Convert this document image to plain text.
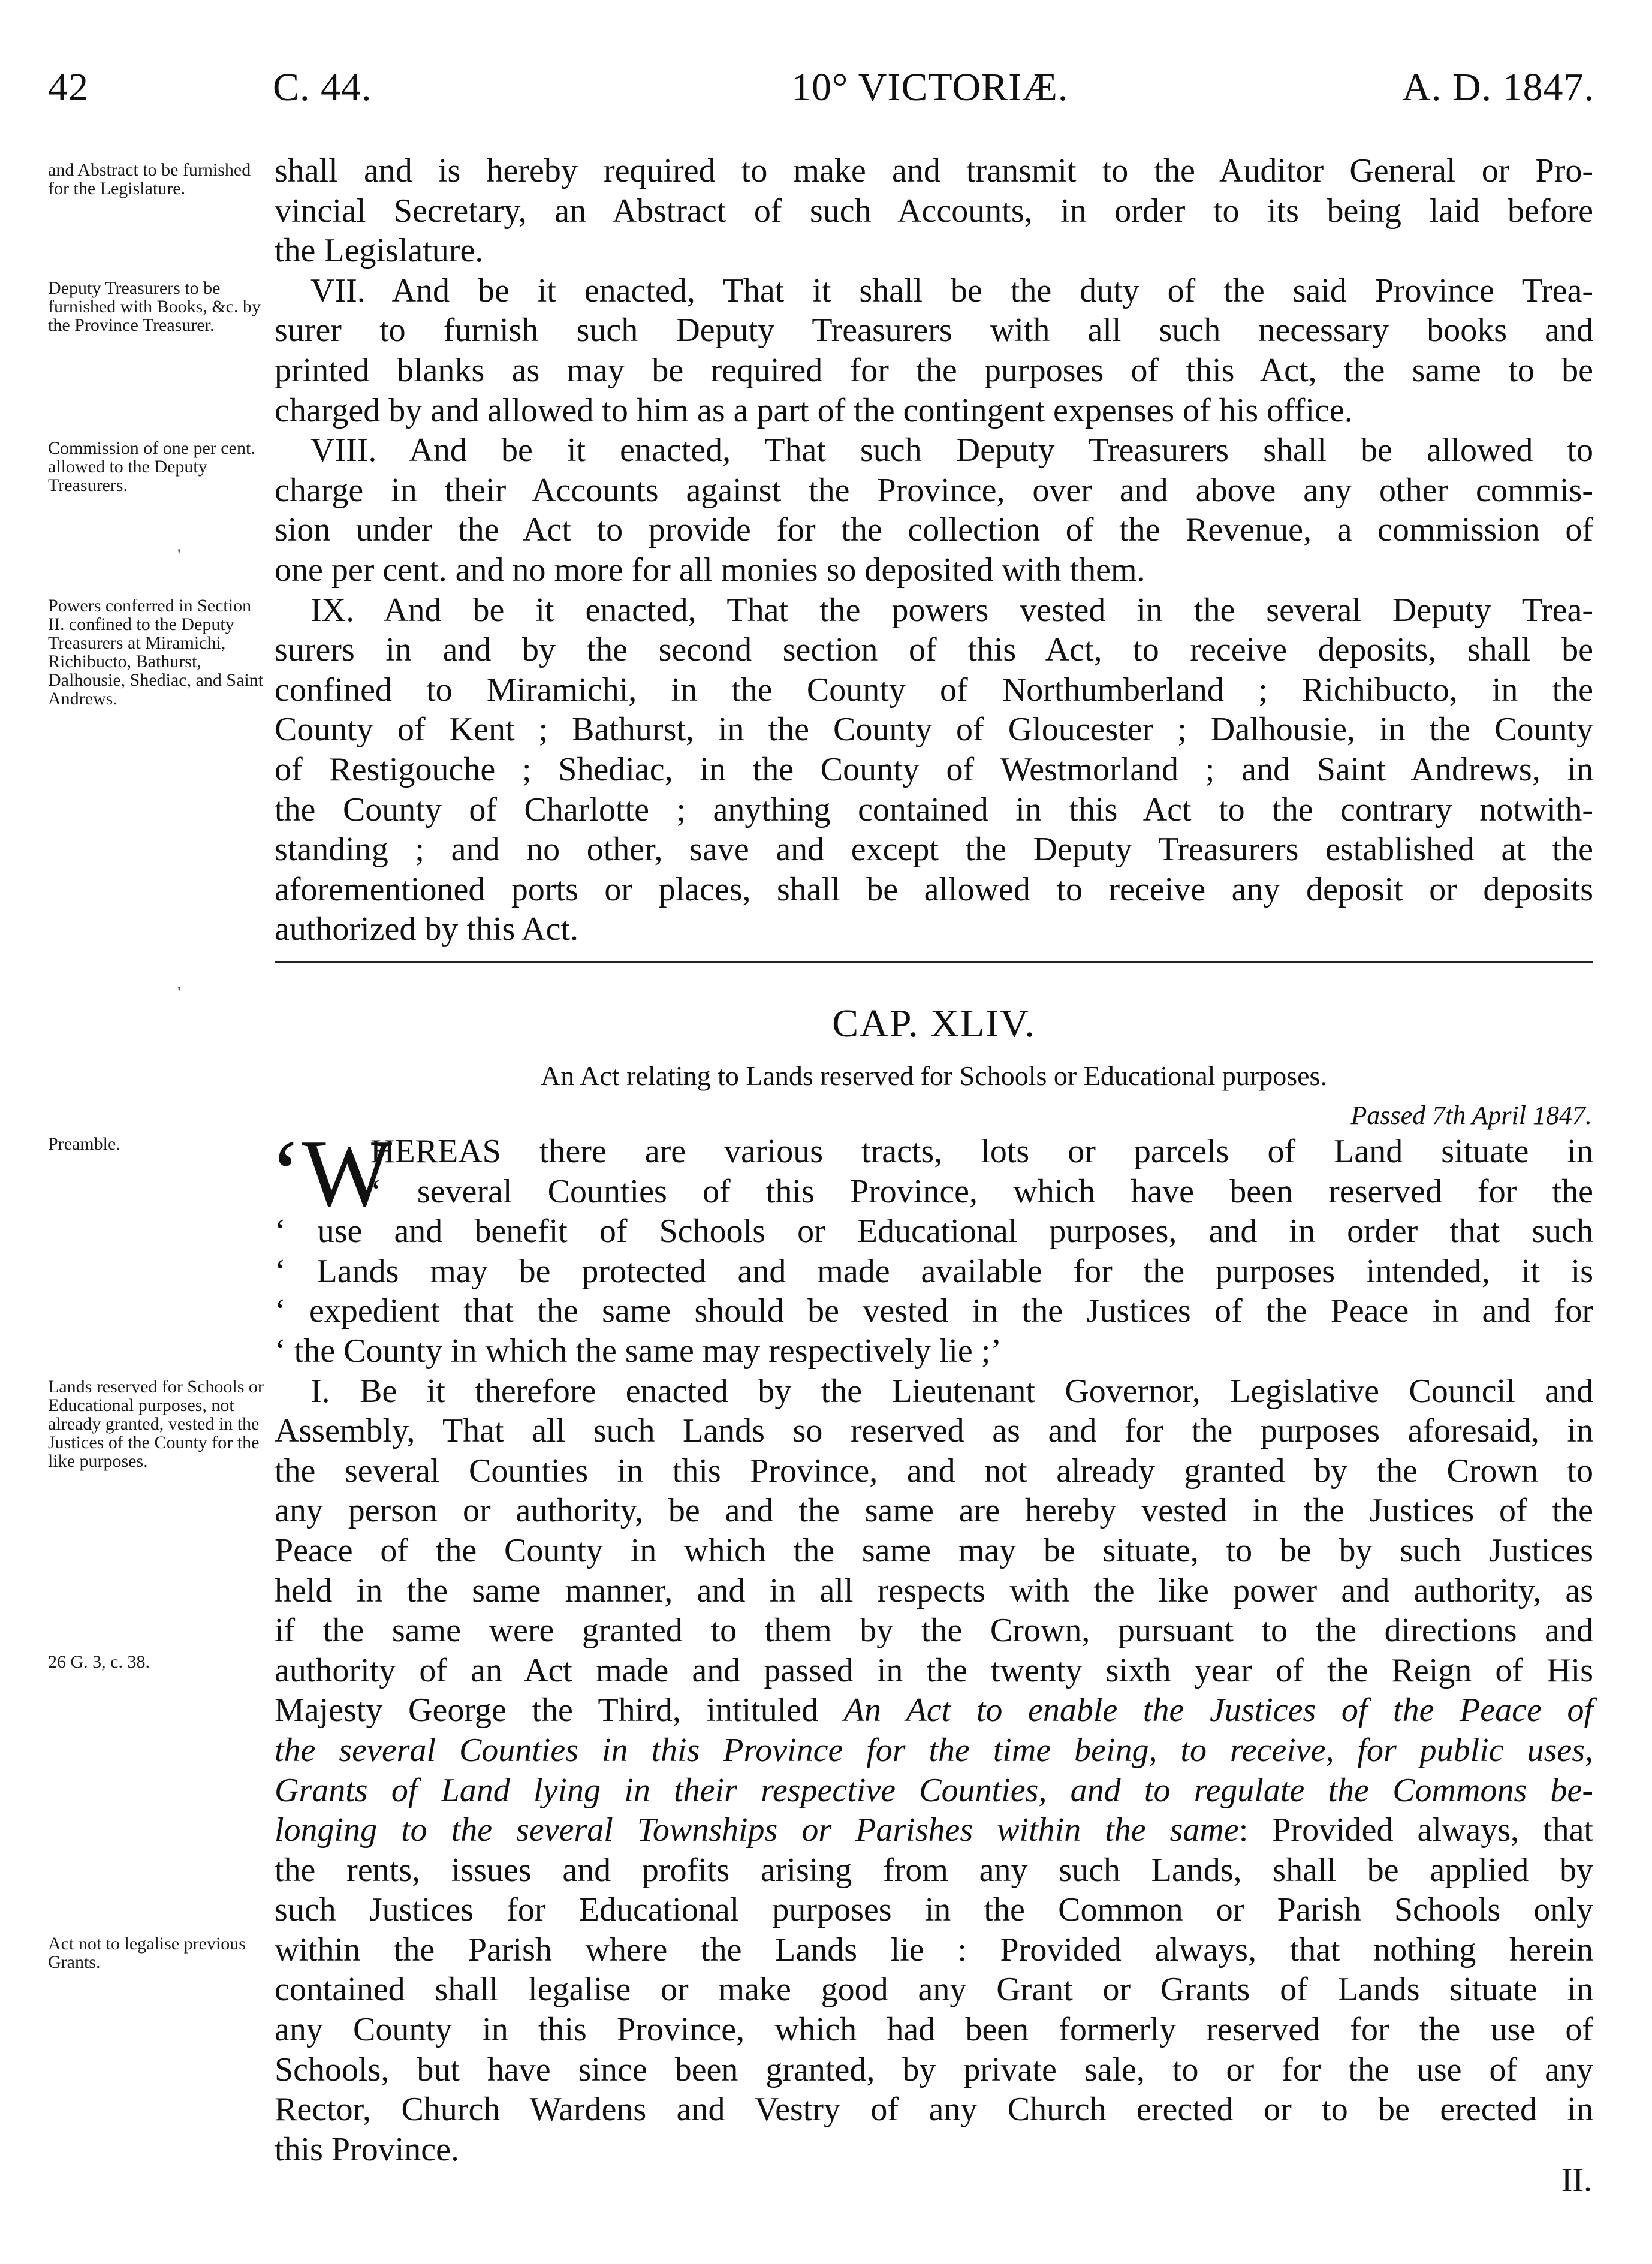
42	C. 44.	10° VICTORIÆ.	A. D. 1847.
and Abstract to be furnished for the Legislature.
Deputy Treasurers to be furnished with Books, &c. by the Province Treasurer.
Commission of one per cent. allowed to the Deputy Treasurers.
Powers conferred in Section II. confined to the Deputy Treasurers at Miramichi, Richibucto, Bathurst, Dalhousie, Shediac, and Saint Andrews.
Preamble.
Lands reserved for Schools or Educational purposes, not already granted, vested in the Justices of the County for the like purposes.
26 G. 3, c. 38.
Act not to legalise previous Grants.
shall and is hereby required to make and transmit to the Auditor General or Pro-
vincial Secretary, an Abstract of such Accounts, in order to its being laid before
the Legislature.
VII. And be it enacted, That it shall be the duty of the said Province Trea-
surer to furnish such Deputy Treasurers with all such necessary books and
printed blanks as may be required for the purposes of this Act, the same to be
charged by and allowed to him as a part of the contingent expenses of his office.
VIII. And be it enacted, That such Deputy Treasurers shall be allowed to
charge in their Accounts against the Province, over and above any other commis-
sion under the Act to provide for the collection of the Revenue, a commission of
one per cent. and no more for all monies so deposited with them.
IX. And be it enacted, That the powers vested in the several Deputy Trea-
surers in and by the second section of this Act, to receive deposits, shall be
confined to Miramichi, in the County of Northumberland ; Richibucto, in the
County of Kent ; Bathurst, in the County of Gloucester ; Dalhousie, in the County
of Restigouche ; Shediac, in the County of Westmorland ; and Saint Andrews, in
the County of Charlotte ; anything contained in this Act to the contrary notwith-
standing ; and no other, save and except the Deputy Treasurers established at the
aforementioned ports or places, shall be allowed to receive any deposit or deposits
authorized by this Act.
CAP. XLIV.
An Act relating to Lands reserved for Schools or Educational purposes.
Passed 7th April 1847.
‘W
HEREAS there are various tracts, lots or parcels of Land situate in
‘ several Counties of this Province, which have been reserved for the
‘ use and benefit of Schools or Educational purposes, and in order that such
‘ Lands may be protected and made available for the purposes intended, it is
‘ expedient that the same should be vested in the Justices of the Peace in and for
‘ the County in which the same may respectively lie ;’
I. Be it therefore enacted by the Lieutenant Governor, Legislative Council and
Assembly, That all such Lands so reserved as and for the purposes aforesaid, in
the several Counties in this Province, and not already granted by the Crown to
any person or authority, be and the same are hereby vested in the Justices of the
Peace of the County in which the same may be situate, to be by such Justices
held in the same manner, and in all respects with the like power and authority, as
if the same were granted to them by the Crown, pursuant to the directions and
authority of an Act made and passed in the twenty sixth year of the Reign of His
Majesty George the Third, intituled An Act to enable the Justices of the Peace of
the several Counties in this Province for the time being, to receive, for public uses,
Grants of Land lying in their respective Counties, and to regulate the Commons be-
longing to the several Townships or Parishes within the same: Provided always, that
the rents, issues and profits arising from any such Lands, shall be applied by
such Justices for Educational purposes in the Common or Parish Schools only
within the Parish where the Lands lie : Provided always, that nothing herein
contained shall legalise or make good any Grant or Grants of Lands situate in
any County in this Province, which had been formerly reserved for the use of
Schools, but have since been granted, by private sale, to or for the use of any
Rector, Church Wardens and Vestry of any Church erected or to be erected in
this Province.
II.
'
'
